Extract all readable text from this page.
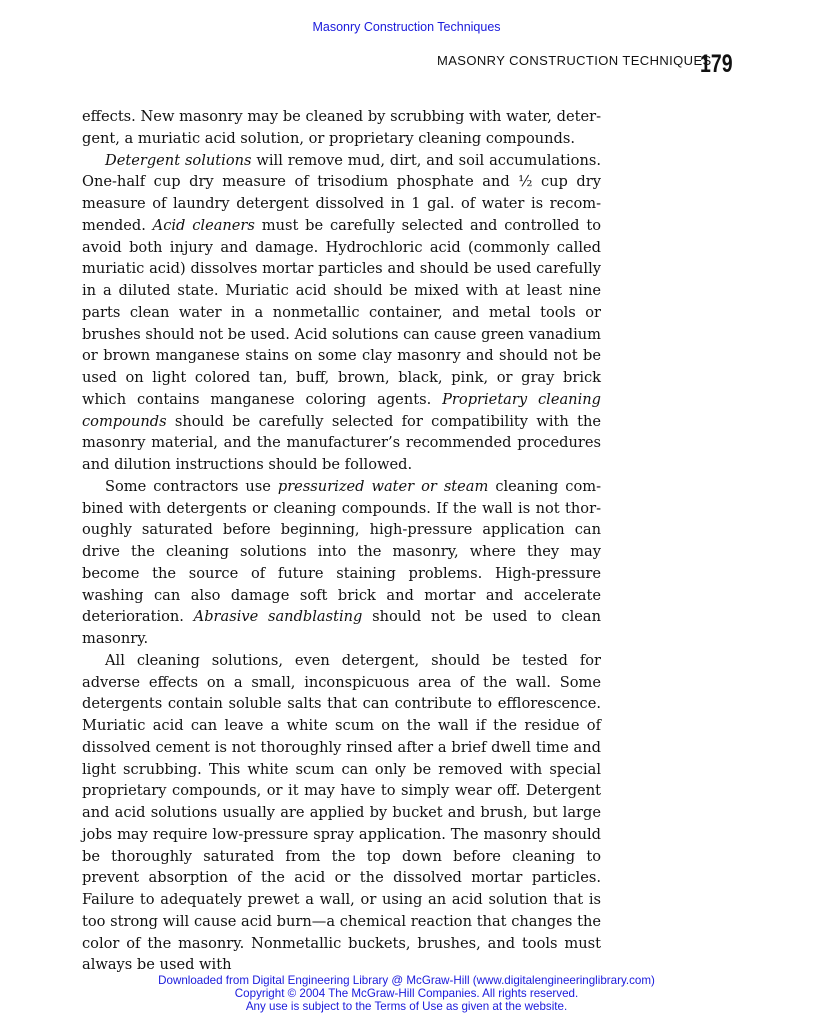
Masonry Construction Techniques
MASONRY CONSTRUCTION TECHNIQUES
179

effects. New masonry may be cleaned by scrubbing with water, detergent, a muriatic acid solution, or proprietary cleaning compounds.

Detergent solutions will remove mud, dirt, and soil accumulations. One-half cup dry measure of trisodium phosphate and ½ cup dry measure of laundry detergent dissolved in 1 gal. of water is recommended. Acid cleaners must be carefully selected and controlled to avoid both injury and damage. Hydrochloric acid (commonly called muriatic acid) dissolves mortar particles and should be used carefully in a diluted state. Muriatic acid should be mixed with at least nine parts clean water in a nonmetallic container, and metal tools or brushes should not be used. Acid solutions can cause green vanadium or brown manganese stains on some clay masonry and should not be used on light colored tan, buff, brown, black, pink, or gray brick which contains manganese coloring agents. Proprietary cleaning compounds should be carefully selected for compatibility with the masonry material, and the manufacturer’s recommended procedures and dilution instructions should be followed.

Some contractors use pressurized water or steam cleaning combined with detergents or cleaning compounds. If the wall is not thoroughly saturated before beginning, high-pressure application can drive the cleaning solutions into the masonry, where they may become the source of future staining problems. High-pressure washing can also damage soft brick and mortar and accelerate deterioration. Abrasive sandblasting should not be used to clean masonry.

All cleaning solutions, even detergent, should be tested for adverse effects on a small, inconspicuous area of the wall. Some detergents contain soluble salts that can contribute to efflorescence. Muriatic acid can leave a white scum on the wall if the residue of dissolved cement is not thoroughly rinsed after a brief dwell time and light scrubbing. This white scum can only be removed with special proprietary compounds, or it may have to simply wear off. Detergent and acid solutions usually are applied by bucket and brush, but large jobs may require low-pressure spray application. The masonry should be thoroughly saturated from the top down before cleaning to prevent absorption of the acid or the dissolved mortar particles. Failure to adequately prewet a wall, or using an acid solution that is too strong will cause acid burn—a chemical reaction that changes the color of the masonry. Nonmetallic buckets, brushes, and tools must always be used with

Downloaded from Digital Engineering Library @ McGraw-Hill (www.digitalengineeringlibrary.com)
Copyright © 2004 The McGraw-Hill Companies. All rights reserved.
Any use is subject to the Terms of Use as given at the website.
